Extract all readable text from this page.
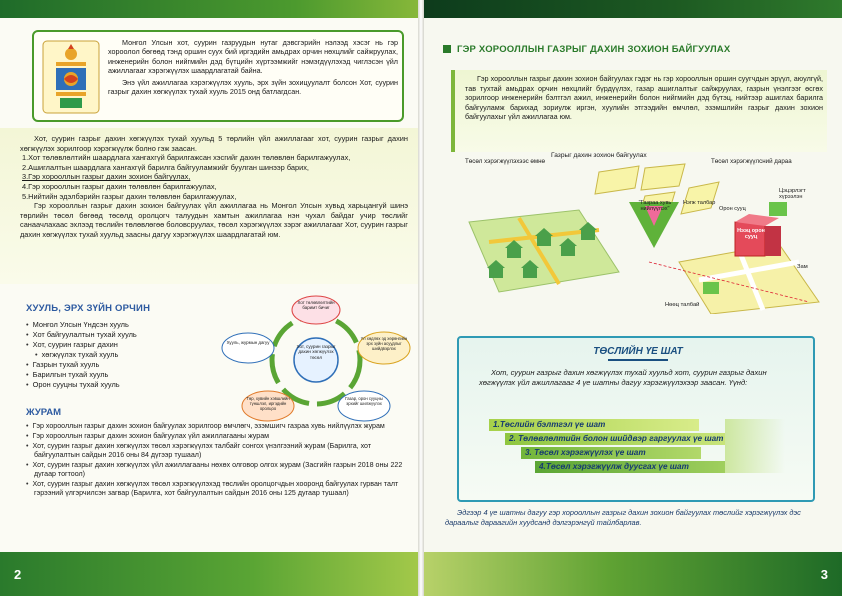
Монгол Улсын хот, суурин газруудын нутаг дэвсгэрийн нэлээд хэсэг нь гэр хороолол бөгөөд тэнд оршин суух бий иргэдийн амьдрах орчин нөхцлийг сайжруулах, инженерийн болон нийгмийн дэд бүтцийн хүртээмжийг нэмэгдүүлэхэд чиглэсэн үйл ажиллагааг хэрэгжүүлэх шаардлагатай байна.

Энэ үйл ажиллагаа хэрэгжүүлэх хууль, эрх зүйн зохицуулалт болсон Хот, суурин газрыг дахин хөгжүүлэх тухай хууль 2015 онд батлагдсан.

Хот, суурин газрыг дахин хөгжүүлэх тухай хуульд 5 төрлийн үйл ажиллагааг хот, суурин газрыг дахин хөгжүүлэх зорилгоор хэрэгжүүлж болно гэж заасан.

1.Хот төлөвлөлтийн шаардлага хангахгүй барилгажсан хэсгийг дахин төлөвлөн барилгажуулах,
2.Ашиглалтын шаардлага хангахгүй барилга байгууламжийг буулган шинээр барих,
3.Гэр хорооллын газрыг дахин зохион байгуулах,
4.Гэр хорооллын газрыг дахин төлөвлөн барилгажуулах,
5.Нийтийн эдэлбэрийн газрыг дахин төлөвлөн барилгажуулах,

Гэр хорооллын газрыг дахин зохион байгуулах үйл ажиллагаа нь Монгол Улсын хувьд харьцангуй шинэ төрлийн төсөл бөгөөд төсөлд оролцогч талуудын хамтын ажиллагаа нэн чухал байдаг учир төслийг санаачлахаас эхлээд төслийн төлөвлөгөө боловсруулах, төсөл хэрэгжүүлэх зэрэг ажиллагааг Хот, суурин газрыг дахин хөгжүүлэх тухай хуульд заасны дагуу хэрэгжүүлэх шаардлагатай юм.

ХУУЛЬ, ЭРХ ЗҮЙН ОРЧИН
• Монгол Улсын Үндсэн хууль
• Хот байгуулалтын тухай хууль
• Хот, суурин газрыг дахин
• хөгжүүлэх тухай хууль
• Газрын тухай хууль
• Барилгын тухай хууль
• Орон сууцны тухай хууль
Хот, суурин газрыг дахин хөгжүүлэх төсөл
Хот төлөвлөлтийн баримт бичиг
Үл хөдлөх эд хөрөнгийн эрх зүйн асуудлыг шийдвэрлэх
Газар, орон сууцны эрхийг шилжүүлэх
Төр, хувийн хэвшлийн түншлэл, иргэдийн оролцоо
Хууль, журмын дагуу
ЖУРАМ
• Гэр хорооллын газрыг дахин зохион байгуулах зорилгоор өмчлөгч, эзэмшигч газраа хувь нийлүүлэх журам
• Гэр хорооллын газрыг дахин зохион байгуулах үйл ажиллагааны журам
• Хот, суурин газрыг дахин хөгжүүлэх төсөл хэрэгжүүлэх талбайг сонгох үнэлгээний журам (Барилга, хот байгуулалтын сайдын 2016 оны 84 дүгээр тушаал)
• Хот, суурин газрыг дахин хөгжүүлэх үйл ажиллагааны нөхөх олговор олгох журам (Засгийн газрын 2018 оны 222 дугаар тогтоол)
• Хот, суурин газрыг дахин хөгжүүлэх төсөл хэрэгжүүлэхэд төслийн оролцогчдын хооронд байгуулах гурван талт гэрээний үлгэрчилсэн загвар (Барилга, хот байгуулалтын сайдын 2016 оны 125 дугаар тушаал)
2
ГЭР ХОРООЛЛЫН ГАЗРЫГ ДАХИН ЗОХИОН БАЙГУУЛАХ

Гэр хорооллын газрыг дахин зохион байгуулах гэдэг нь гэр хорооллын оршин суугчдын эрүүл, аюулгүй, тав тухтай амьдрах орчин нөхцлийг бүрдүүлэх, газар ашиглалтыг сайжруулах, газрын үнэлгээг өсгөх зорилгоор инженерийн бэлтгэл ажил, инженерийн болон нийгмийн дэд бүтэц, нийтээр ашиглах барилга байгууламж барихад зориулж иргэн, хуулийн этгээдийн өмчлөл, эзэмшлийн газрыг дахин зохион байгуулахыг үйл ажиллагаа юм.

Газрыг дахин зохион байгуулах
Төсөл хэрэгжүүлэхээс өмнө	Төсөл хэрэгжүүлсний дараа
"Газраа хувь нийлүүлэх"
Нэгж талбар
Орон сууц
Цэцэрлэгт хүрээлэн
Нээц орон сууц
Зам
Нөөц талбай
ТӨСЛИЙН ҮЕ ШАТ
Хот, суурин газрыг дахин хөгжүүлэх тухай хуульд хот, суурин газрыг дахин хөгжүүлэх үйл ажиллагааг 4 үе шатны дагуу хэрэгжүүлэхээр заасан. Үүнд:
1.Төслийн бэлтгэл үе шат
2. Төлөвлөлтийн болон шийдвэр гаргуулах үе шат
3. Төсөл хэрэгжүүлэх үе шат
4.Төсөл хэрэгжүүлж дуусгах үе шат
Эдгээр 4 үе шатны дагуу гэр хорооллын газрыг дахин зохион байгуулах төслийг хэрэгжүүлэх дэс дараалыг дараагийн хуудсанд дэлгэрэнгүй тайлбарлав.
3
